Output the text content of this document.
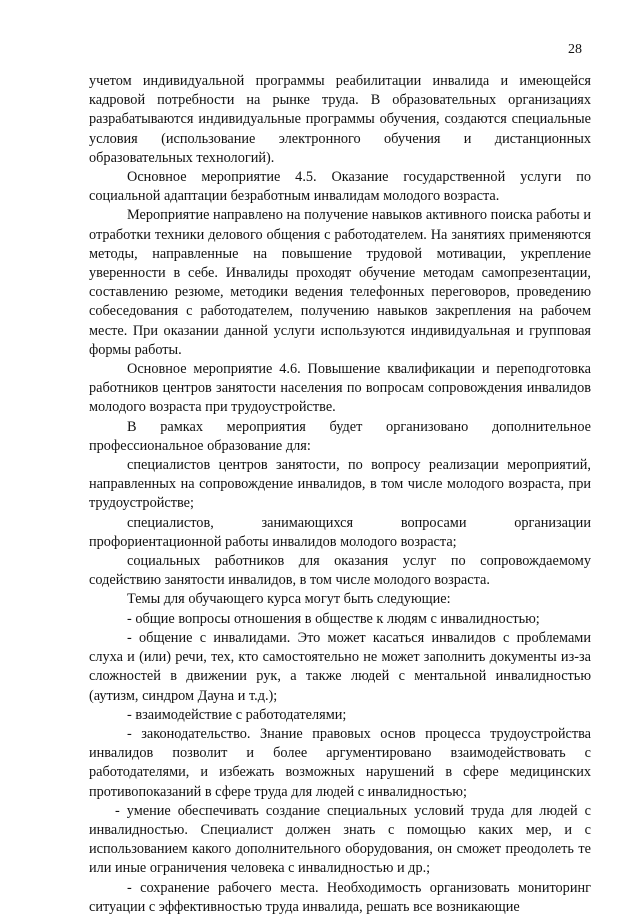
28

учетом индивидуальной программы реабилитации инвалида и имеющейся кадровой потребности на рынке труда. В образовательных организациях разрабатываются индивидуальные программы обучения, создаются специальные условия (использование электронного обучения и дистанционных образовательных технологий).

Основное мероприятие 4.5. Оказание государственной услуги по социальной адаптации безработным инвалидам молодого возраста.

Мероприятие направлено на получение навыков активного поиска работы и отработки техники делового общения с работодателем. На занятиях применяются методы, направленные на повышение трудовой мотивации, укрепление уверенности в себе. Инвалиды проходят обучение методам самопрезентации, составлению резюме, методики ведения телефонных переговоров, проведению собеседования с работодателем, получению навыков закрепления на рабочем месте. При оказании данной услуги используются индивидуальная и групповая формы работы.

Основное мероприятие 4.6. Повышение квалификации и переподготовка работников центров занятости населения по вопросам сопровождения инвалидов молодого возраста при трудоустройстве.

В рамках мероприятия будет организовано дополнительное профессиональное образование для:

специалистов центров занятости, по вопросу реализации мероприятий, направленных на сопровождение инвалидов, в том числе молодого возраста, при трудоустройстве;

специалистов, занимающихся вопросами организации профориентационной работы инвалидов молодого возраста;

социальных работников для оказания услуг по сопровождаемому содействию занятости инвалидов, в том числе молодого возраста.

Темы для обучающего курса могут быть следующие:

- общие вопросы отношения в обществе к людям с инвалидностью;

- общение с инвалидами. Это может касаться инвалидов с проблемами слуха и (или) речи, тех, кто самостоятельно не может заполнить документы из-за сложностей в движении рук, а также людей с ментальной инвалидностью (аутизм, синдром Дауна и т.д.);

- взаимодействие с работодателями;

- законодательство. Знание правовых основ процесса трудоустройства инвалидов позволит и более аргументировано взаимодействовать с работодателями, и избежать возможных нарушений в сфере медицинских противопоказаний в сфере труда для людей с инвалидностью;

- умение обеспечивать создание специальных условий труда для людей с инвалидностью. Специалист должен знать с помощью каких мер, и с использованием какого дополнительного оборудования, он сможет преодолеть те или иные ограничения человека с инвалидностью и др.;

- сохранение рабочего места. Необходимость организовать мониторинг ситуации с эффективностью труда инвалида, решать все возникающие
